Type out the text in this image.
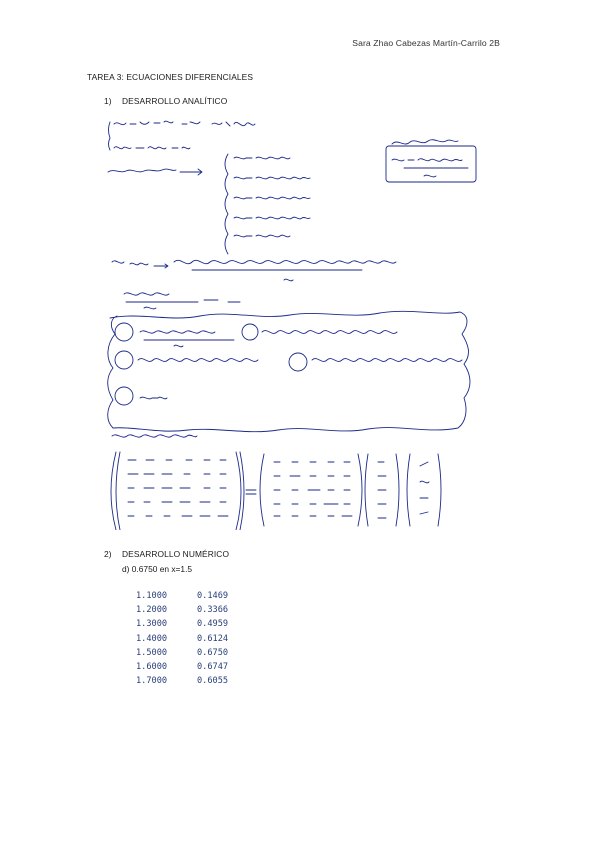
Sara Zhao Cabezas Martín-Carrilo 2B
TAREA 3: ECUACIONES DIFERENCIALES
1) DESARROLLO ANALÍTICO
2) DESARROLLO NUMÉRICO
d) 0.6750 en x=1.5
1.1000	0.1469
1.2000	0.3366
1.3000	0.4959
1.4000	0.6124
1.5000	0.6750
1.6000	0.6747
1.7000	0.6055
